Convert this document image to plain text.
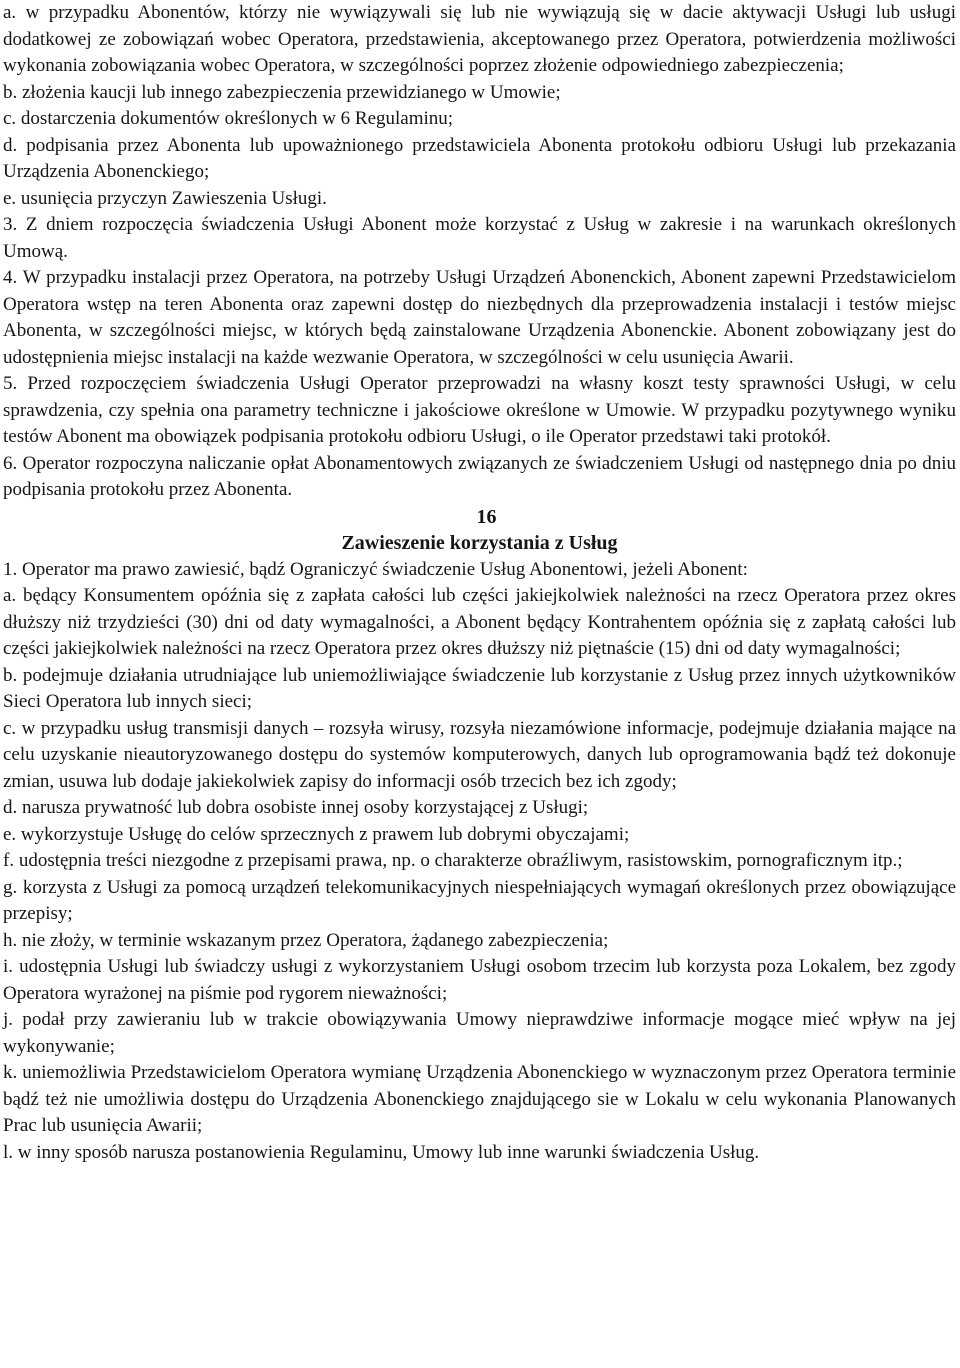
a. w przypadku Abonentów, którzy nie wywiązywali się lub nie wywiązują się w dacie aktywacji Usługi lub usługi dodatkowej ze zobowiązań wobec Operatora, przedstawienia, akceptowanego przez Operatora, potwierdzenia możliwości wykonania zobowiązania wobec Operatora, w szczególności poprzez złożenie odpowiedniego zabezpieczenia;

b. złożenia kaucji lub innego zabezpieczenia przewidzianego w Umowie;

c. dostarczenia dokumentów określonych w 6 Regulaminu;

d. podpisania przez Abonenta lub upoważnionego przedstawiciela Abonenta protokołu odbioru Usługi lub przekazania Urządzenia Abonenckiego;

e. usunięcia przyczyn Zawieszenia Usługi.

3. Z dniem rozpoczęcia świadczenia Usługi Abonent może korzystać z Usług w zakresie i na warunkach określonych Umową.

4. W przypadku instalacji przez Operatora, na potrzeby Usługi Urządzeń Abonenckich, Abonent zapewni Przedstawicielom Operatora wstęp na teren Abonenta oraz zapewni dostęp do niezbędnych dla przeprowadzenia instalacji i testów miejsc Abonenta, w szczególności miejsc, w których będą zainstalowane Urządzenia Abonenckie. Abonent zobowiązany jest do udostępnienia miejsc instalacji na każde wezwanie Operatora, w szczególności w celu usunięcia Awarii.

5. Przed rozpoczęciem świadczenia Usługi Operator przeprowadzi na własny koszt testy sprawności Usługi, w celu sprawdzenia, czy spełnia ona parametry techniczne i jakościowe określone w Umowie. W przypadku pozytywnego wyniku testów Abonent ma obowiązek podpisania protokołu odbioru Usługi, o ile Operator przedstawi taki protokół.

6. Operator rozpoczyna naliczanie opłat Abonamentowych związanych ze świadczeniem Usługi od następnego dnia po dniu podpisania protokołu przez Abonenta.

16

Zawieszenie korzystania z Usług

1. Operator ma prawo zawiesić, bądź Ograniczyć świadczenie Usług Abonentowi, jeżeli Abonent:

a. będący Konsumentem opóźnia się z zapłata całości lub części jakiejkolwiek należności na rzecz Operatora przez okres dłuższy niż trzydzieści (30) dni od daty wymagalności, a Abonent będący Kontrahentem opóźnia się z zapłatą całości lub części jakiejkolwiek należności na rzecz Operatora przez okres dłuższy niż piętnaście (15) dni od daty wymagalności;

b. podejmuje działania utrudniające lub uniemożliwiające świadczenie lub korzystanie z Usług przez innych użytkowników Sieci Operatora lub innych sieci;

c. w przypadku usług transmisji danych – rozsyła wirusy, rozsyła niezamówione informacje, podejmuje działania mające na celu uzyskanie nieautoryzowanego dostępu do systemów komputerowych, danych lub oprogramowania bądź też dokonuje zmian, usuwa lub dodaje jakiekolwiek zapisy do informacji osób trzecich bez ich zgody;

d. narusza prywatność lub dobra osobiste innej osoby korzystającej z Usługi;

e. wykorzystuje Usługę do celów sprzecznych z prawem lub dobrymi obyczajami;

f. udostępnia treści niezgodne z przepisami prawa, np. o charakterze obraźliwym, rasistowskim, pornograficznym itp.;

g. korzysta z Usługi za pomocą urządzeń telekomunikacyjnych niespełniających wymagań określonych przez obowiązujące przepisy;

h. nie złoży, w terminie wskazanym przez Operatora, żądanego zabezpieczenia;

i. udostępnia Usługi lub świadczy usługi z wykorzystaniem Usługi osobom trzecim lub korzysta poza Lokalem, bez zgody Operatora wyrażonej na piśmie pod rygorem nieważności;

j. podał przy zawieraniu lub w trakcie obowiązywania Umowy nieprawdziwe informacje mogące mieć wpływ na jej wykonywanie;

k. uniemożliwia Przedstawicielom Operatora wymianę Urządzenia Abonenckiego w wyznaczonym przez Operatora terminie bądź też nie umożliwia dostępu do Urządzenia Abonenckiego znajdującego sie w Lokalu w celu wykonania Planowanych Prac lub usunięcia Awarii;

l. w inny sposób narusza postanowienia Regulaminu, Umowy lub inne warunki świadczenia Usług.
